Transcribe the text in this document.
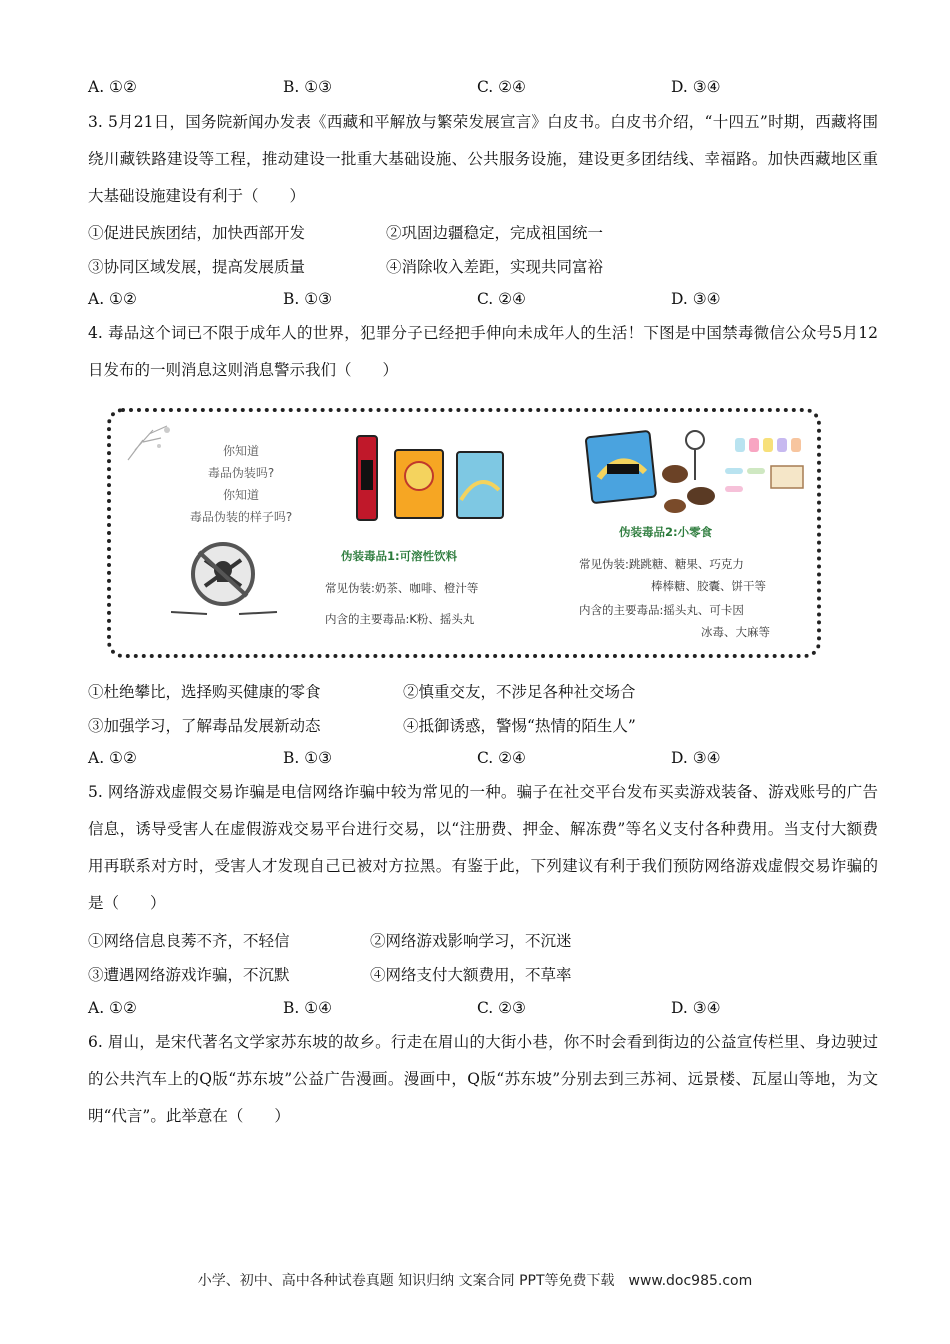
A. ①②	B. ①③	C. ②④	D. ③④
3. 5月21日，国务院新闻办发表《西藏和平解放与繁荣发展宣言》白皮书。白皮书介绍，“十四五”时期，西藏将围绕川藏铁路建设等工程，推动建设一批重大基础设施、公共服务设施，建设更多团结线、幸福路。加快西藏地区重大基础设施建设有利于（　　）
①促进民族团结，加快西部开发	②巩固边疆稳定，完成祖国统一
③协同区域发展，提高发展质量	④消除收入差距，实现共同富裕
A. ①②	B. ①③	C. ②④	D. ③④
4. 毒品这个词已不限于成年人的世界，犯罪分子已经把手伸向未成年人的生活！下图是中国禁毒微信公众号5月12日发布的一则消息这则消息警示我们（　　）
你知道
毒品伪装吗?
你知道
毒品伪装的样子吗?
伪装毒品1:可溶性饮料
常见伪装:奶茶、咖啡、橙汁等
内含的主要毒品:K粉、摇头丸
伪装毒品2:小零食
常见伪装:跳跳糖、糖果、巧克力
棒棒糖、胶囊、饼干等
内含的主要毒品:摇头丸、可卡因
冰毒、大麻等
①杜绝攀比，选择购买健康的零食	②慎重交友，不涉足各种社交场合
③加强学习，了解毒品发展新动态	④抵御诱惑，警惕“热情的陌生人”
A. ①②	B. ①③	C. ②④	D. ③④
5. 网络游戏虚假交易诈骗是电信网络诈骗中较为常见的一种。骗子在社交平台发布买卖游戏装备、游戏账号的广告信息，诱导受害人在虚假游戏交易平台进行交易，以“注册费、押金、解冻费”等名义支付各种费用。当支付大额费用再联系对方时，受害人才发现自己已被对方拉黑。有鉴于此，下列建议有利于我们预防网络游戏虚假交易诈骗的是（　　）
①网络信息良莠不齐，不轻信	②网络游戏影响学习，不沉迷
③遭遇网络游戏诈骗，不沉默	④网络支付大额费用，不草率
A. ①②	B. ①④	C. ②③	D. ③④
6. 眉山，是宋代著名文学家苏东坡的故乡。行走在眉山的大街小巷，你不时会看到街边的公益宣传栏里、身边驶过的公共汽车上的Q版“苏东坡”公益广告漫画。漫画中，Q版“苏东坡”分别去到三苏祠、远景楼、瓦屋山等地，为文明“代言”。此举意在（　　）
小学、初中、高中各种试卷真题 知识归纳 文案合同 PPT等免费下载　www.doc985.com
